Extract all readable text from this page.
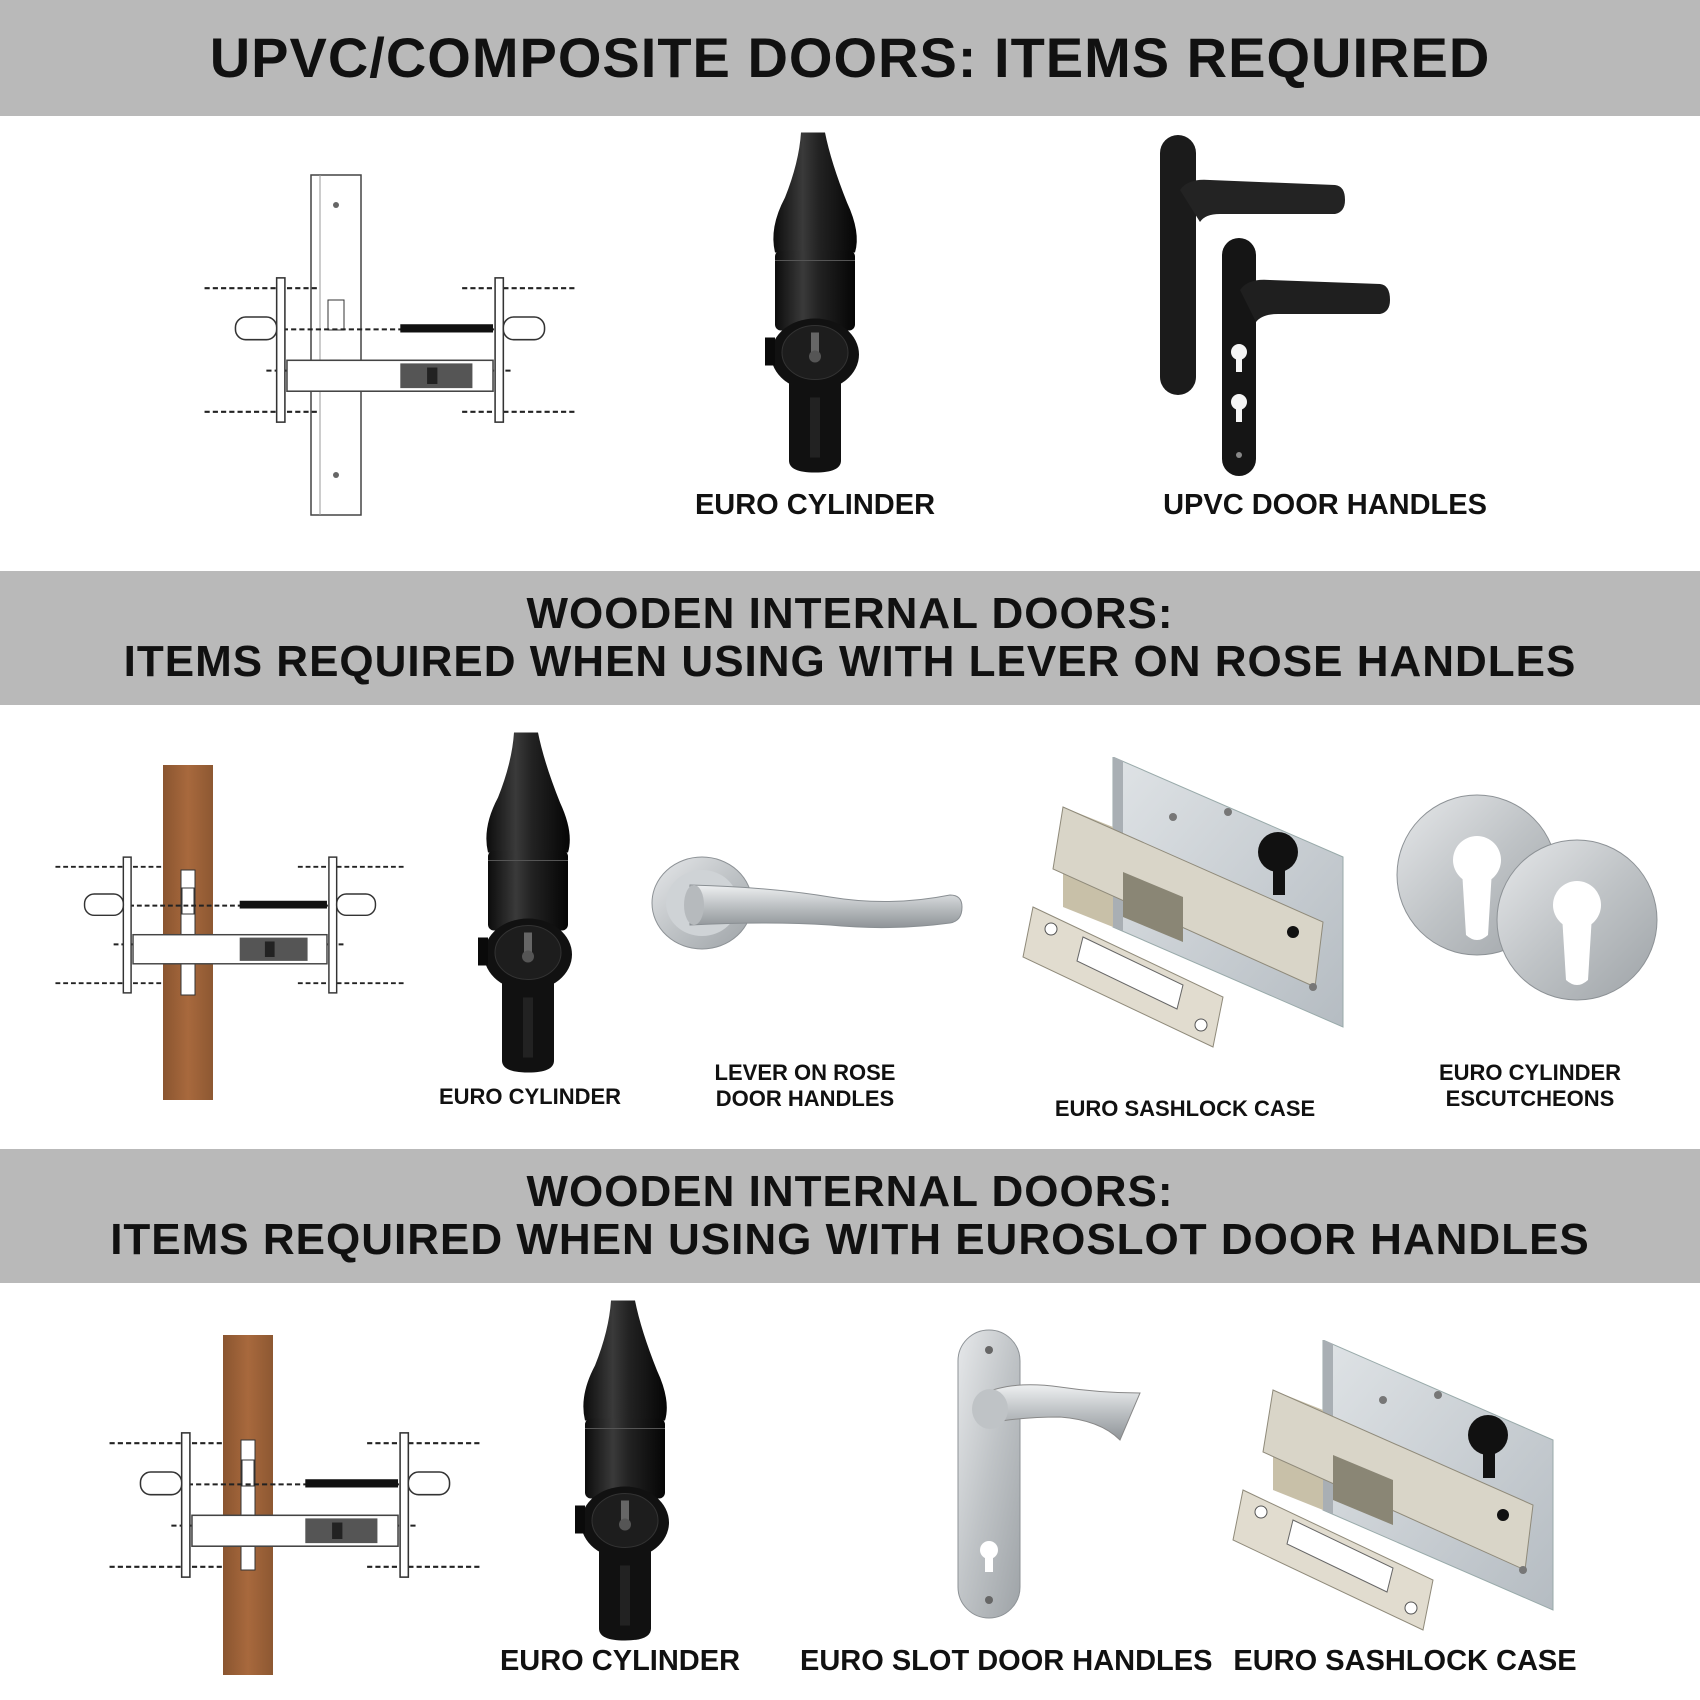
UPVC/COMPOSITE DOORS: ITEMS REQUIRED
EURO CYLINDER	UPVC DOOR HANDLES
WOODEN INTERNAL DOORS:
ITEMS REQUIRED WHEN USING WITH LEVER ON ROSE HANDLES
EURO CYLINDER
LEVER ON ROSE
DOOR HANDLES	EURO SASHLOCK CASE
EURO CYLINDER
ESCUTCHEONS
WOODEN INTERNAL DOORS:
ITEMS REQUIRED WHEN USING WITH EUROSLOT DOOR HANDLES
EURO CYLINDER	EURO SLOT DOOR HANDLES EURO SASHLOCK CASE
